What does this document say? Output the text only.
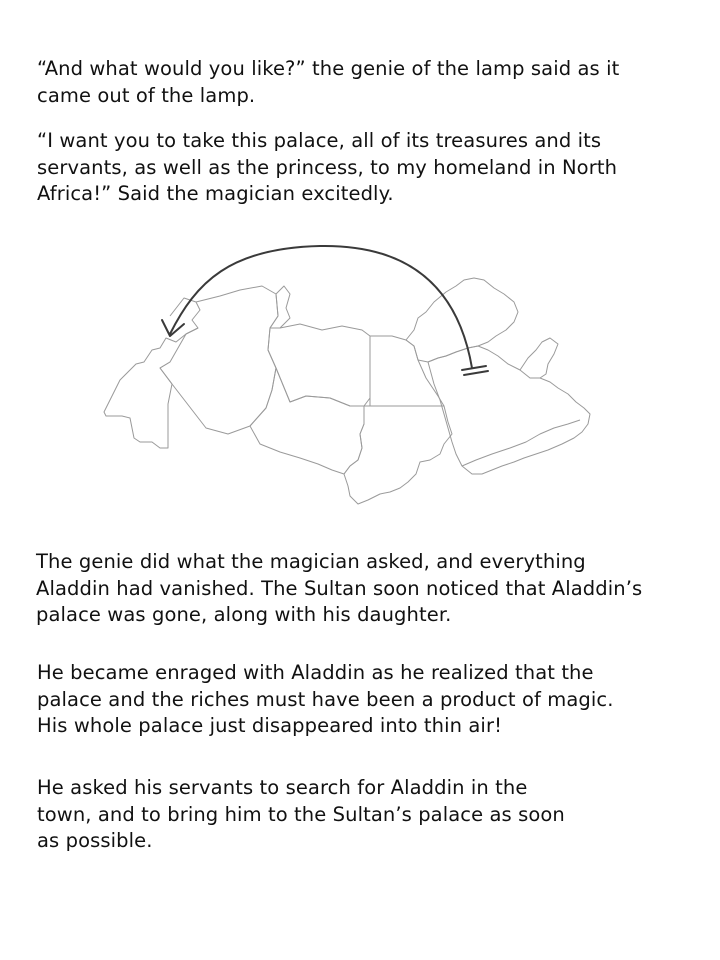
“And what would you like?” the genie of the lamp said as it
came out of the lamp.
“I want you to take this palace, all of its treasures and its
servants, as well as the princess, to my homeland in North
Africa!” Said the magician excitedly.
The genie did what the magician asked, and everything
Aladdin had vanished. The Sultan soon noticed that Aladdin’s
palace was gone, along with his daughter.
He became enraged with Aladdin as he realized that the
palace and the riches must have been a product of magic.
His whole palace just disappeared into thin air!
He asked his servants to search for Aladdin in the
town, and to bring him to the Sultan’s palace as soon
as possible.
